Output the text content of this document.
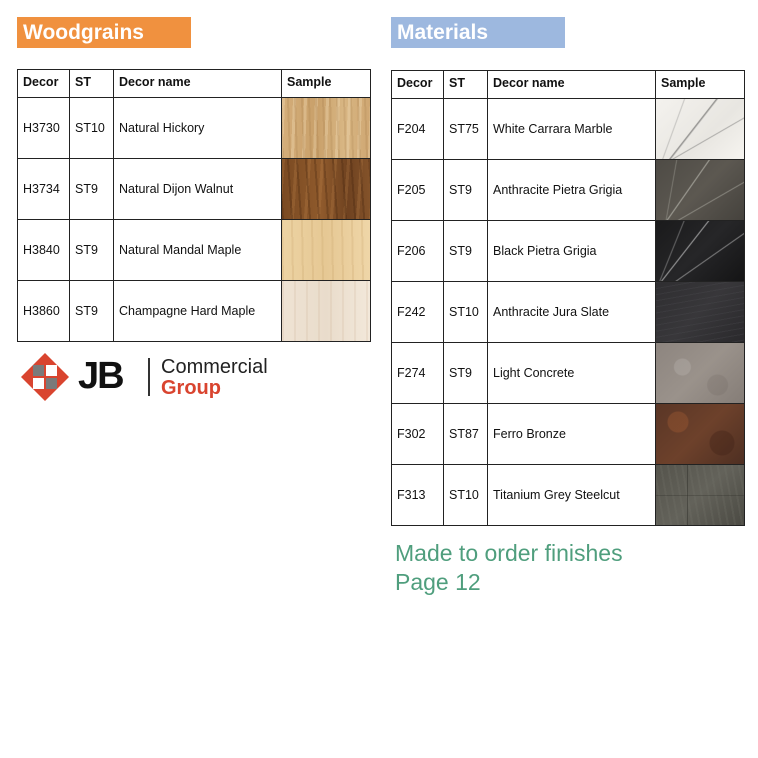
Woodgrains
Decor	ST	Decor name	Sample
H3730	ST10	Natural Hickory	

H3734	ST9	Natural Dijon Walnut	

H3840	ST9	Natural Mandal Maple	

H3860	ST9	Champagne Hard Maple	
Materials
Decor	ST	Decor name	Sample
F204	ST75	White Carrara Marble	

F205	ST9	Anthracite Pietra Grigia	

F206	ST9	Black Pietra Grigia	

F242	ST10	Anthracite Jura Slate	

F274	ST9	Light Concrete	

F302	ST87	Ferro Bronze	

F313	ST10	Titanium Grey Steelcut	
JB Commercial
Group
Made to order finishes
Page 12
